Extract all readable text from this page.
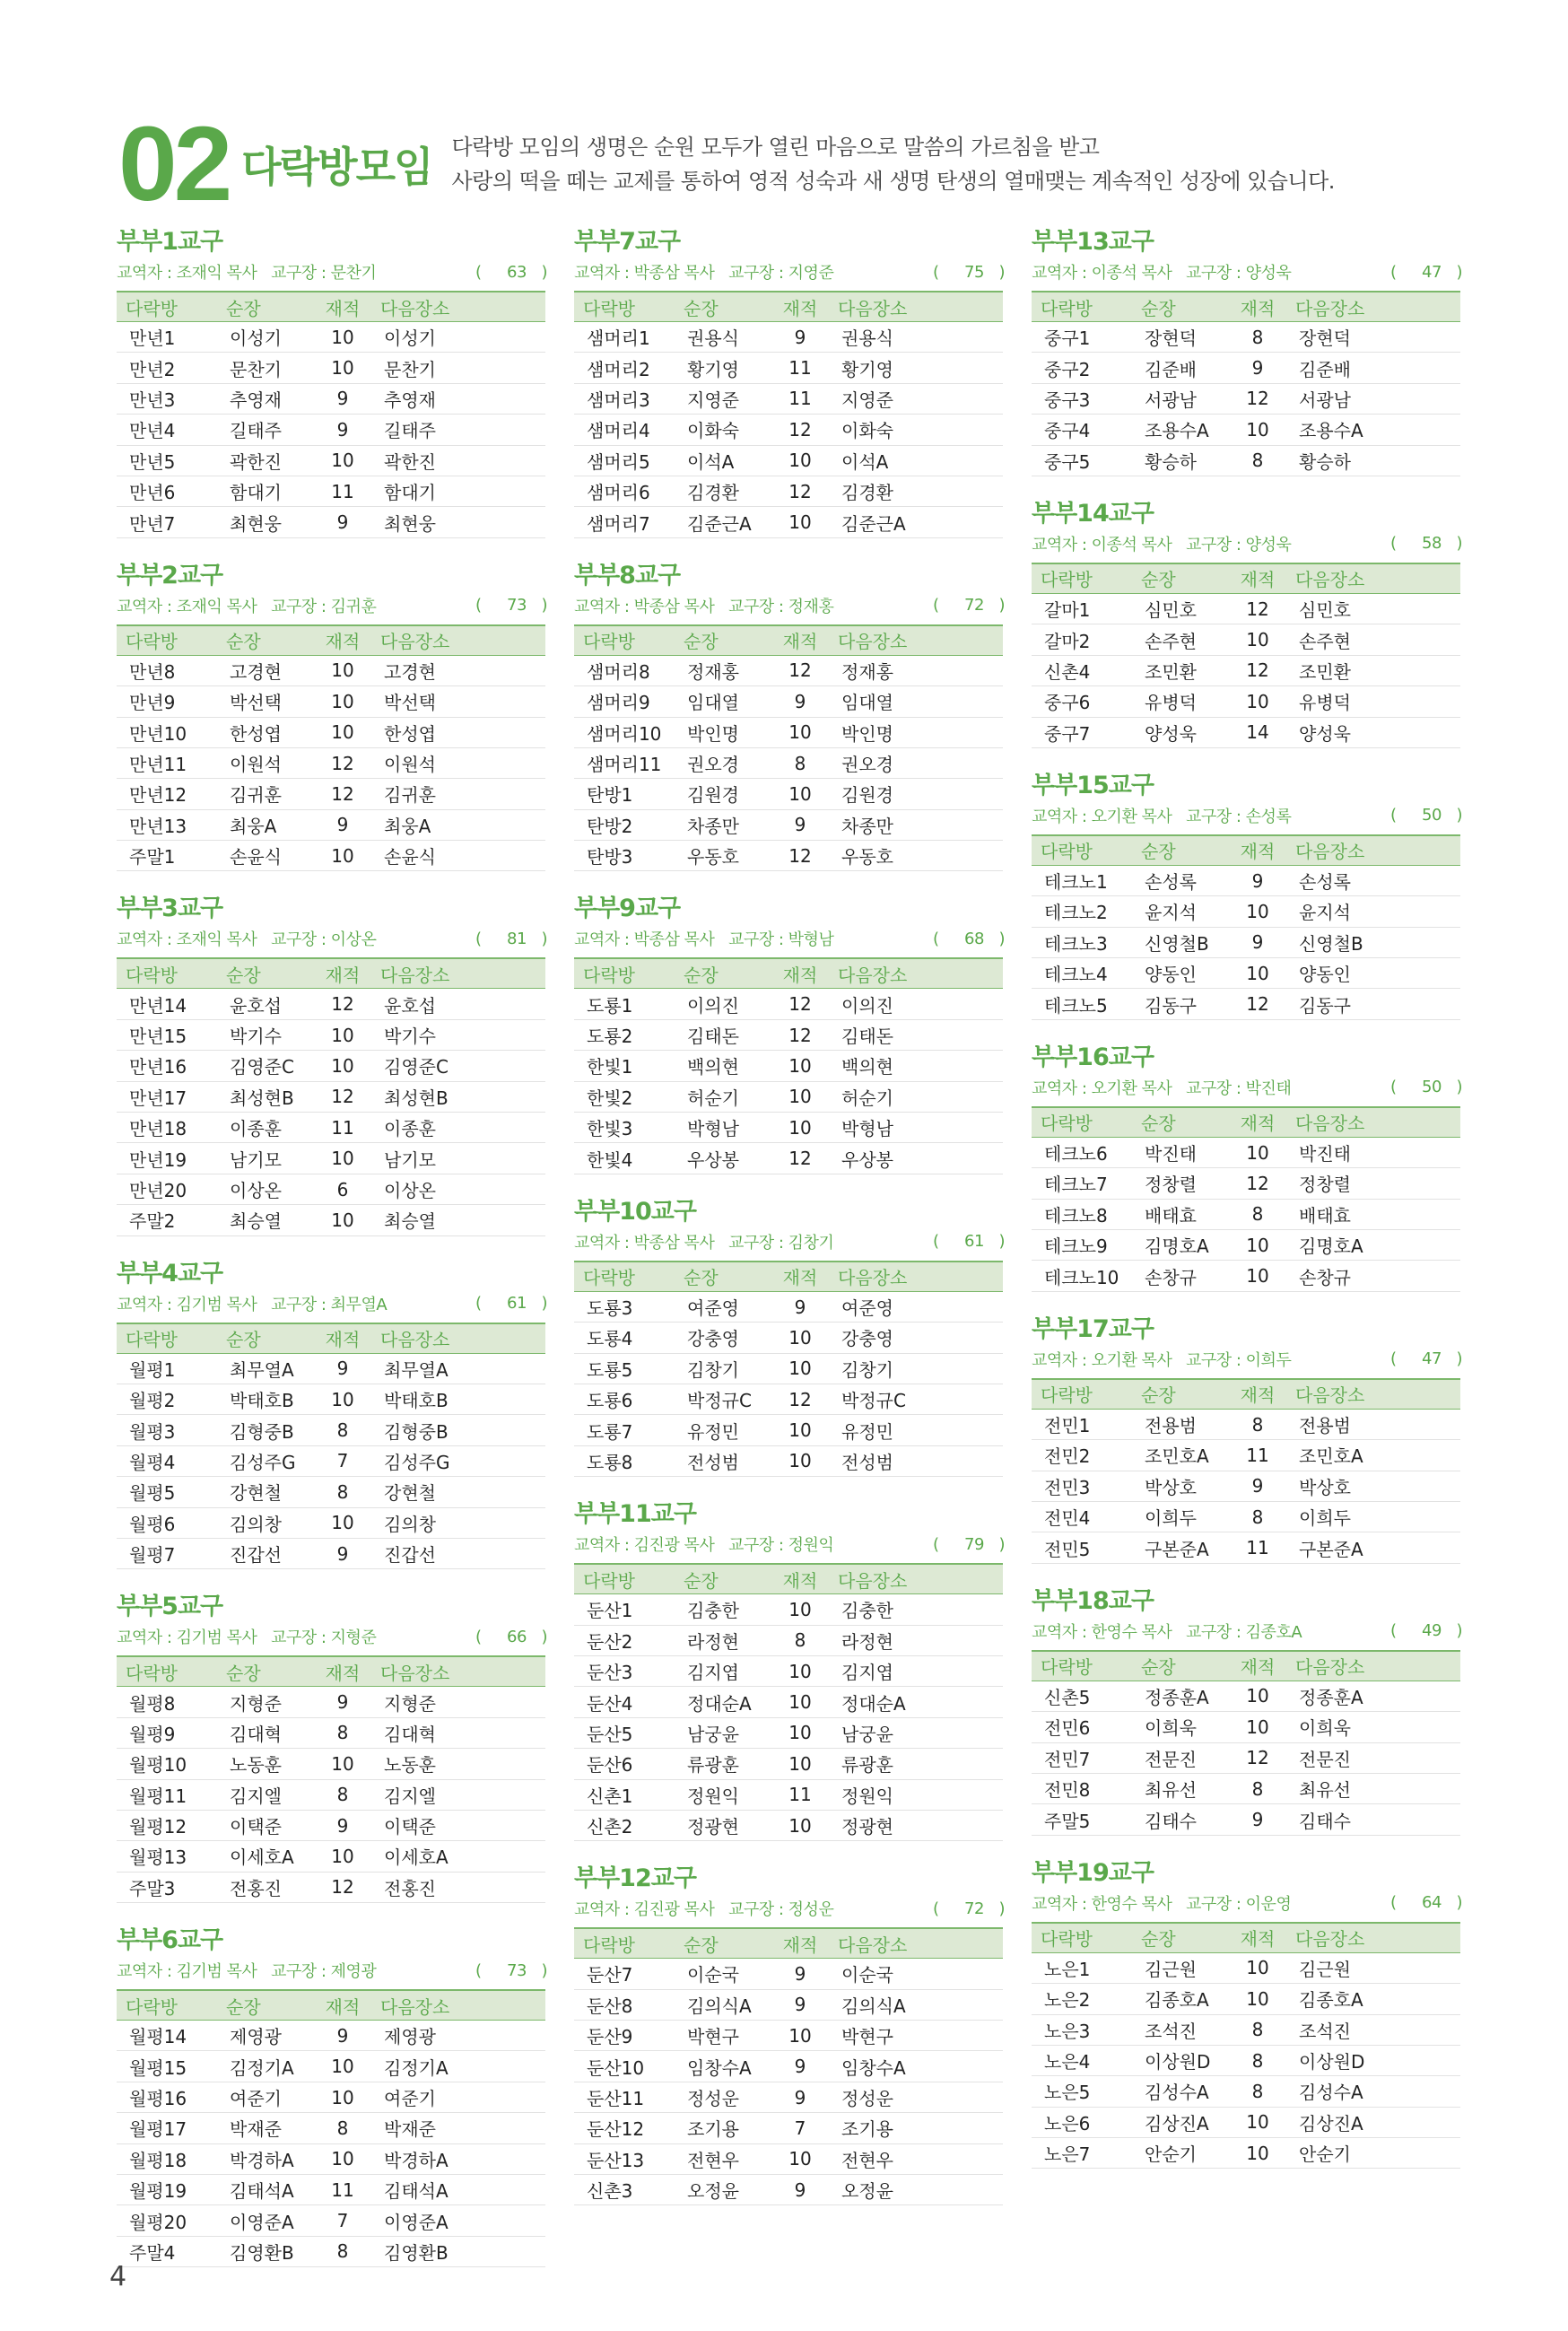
02 다락방모임 다락방 모임의 생명은 순원 모두가 열린 마음으로 말씀의 가르침을 받고
사랑의 떡을 떼는 교제를 통하여 영적 성숙과 새 생명 탄생의 열매맺는 계속적인 성장에 있습니다.
부부1교구
교역자 : 조재익 목사   교구장 : 문찬기	(	63 )
다락방	순장	재적	다음장소
만년1	이성기	10	이성기
만년2	문찬기	10	문찬기
만년3	추영재	9	추영재
만년4	길태주	9	길태주
만년5	곽한진	10	곽한진
만년6	함대기	11	함대기
만년7	최현웅	9	최현웅
부부2교구
교역자 : 조재익 목사   교구장 : 김귀훈	(	73 )
다락방	순장	재적	다음장소
만년8	고경현	10	고경현
만년9	박선택	10	박선택
만년10	한성엽	10	한성엽
만년11	이원석	12	이원석
만년12	김귀훈	12	김귀훈
만년13	최웅A	9	최웅A
주말1	손윤식	10	손윤식
부부3교구
교역자 : 조재익 목사   교구장 : 이상온	(	81 )
다락방	순장	재적	다음장소
만년14	윤호섭	12	윤호섭
만년15	박기수	10	박기수
만년16	김영준C	10	김영준C
만년17	최성현B	12	최성현B
만년18	이종훈	11	이종훈
만년19	남기모	10	남기모
만년20	이상온	6	이상온
주말2	최승열	10	최승열
부부4교구
교역자 : 김기범 목사   교구장 : 최무열A	(	61 )
다락방	순장	재적	다음장소
월평1	최무열A	9	최무열A
월평2	박태호B	10	박태호B
월평3	김형중B	8	김형중B
월평4	김성주G	7	김성주G
월평5	강현철	8	강현철
월평6	김의창	10	김의창
월평7	진갑선	9	진갑선
부부5교구
교역자 : 김기범 목사   교구장 : 지형준	(	66 )
다락방	순장	재적	다음장소
월평8	지형준	9	지형준
월평9	김대혁	8	김대혁
월평10	노동훈	10	노동훈
월평11	김지엘	8	김지엘
월평12	이택준	9	이택준
월평13	이세호A	10	이세호A
주말3	전홍진	12	전홍진
부부6교구
교역자 : 김기범 목사   교구장 : 제영광	(	73 )
다락방	순장	재적	다음장소
월평14	제영광	9	제영광
월평15	김정기A	10	김정기A
월평16	여준기	10	여준기
월평17	박재준	8	박재준
월평18	박경하A	10	박경하A
월평19	김태석A	11	김태석A
월평20	이영준A	7	이영준A
주말4	김영환B	8	김영환B
부부7교구
교역자 : 박종삼 목사   교구장 : 지영준	(	75 )
다락방	순장	재적	다음장소
샘머리1	권용식	9	권용식
샘머리2	황기영	11	황기영
샘머리3	지영준	11	지영준
샘머리4	이화숙	12	이화숙
샘머리5	이석A	10	이석A
샘머리6	김경환	12	김경환
샘머리7	김준근A	10	김준근A
부부8교구
교역자 : 박종삼 목사   교구장 : 정재홍	(	72 )
다락방	순장	재적	다음장소
샘머리8	정재홍	12	정재홍
샘머리9	임대열	9	임대열
샘머리10	박인명	10	박인명
샘머리11	권오경	8	권오경
탄방1	김원경	10	김원경
탄방2	차종만	9	차종만
탄방3	우동호	12	우동호
부부9교구
교역자 : 박종삼 목사   교구장 : 박형남	(	68 )
다락방	순장	재적	다음장소
도룡1	이의진	12	이의진
도룡2	김태돈	12	김태돈
한빛1	백의현	10	백의현
한빛2	허순기	10	허순기
한빛3	박형남	10	박형남
한빛4	우상봉	12	우상봉
부부10교구
교역자 : 박종삼 목사   교구장 : 김창기	(	61 )
다락방	순장	재적	다음장소
도룡3	여준영	9	여준영
도룡4	강충영	10	강충영
도룡5	김창기	10	김창기
도룡6	박정규C	12	박정규C
도룡7	유정민	10	유정민
도룡8	전성범	10	전성범
부부11교구
교역자 : 김진광 목사   교구장 : 정원익	(	79 )
다락방	순장	재적	다음장소
둔산1	김충한	10	김충한
둔산2	라정현	8	라정현
둔산3	김지엽	10	김지엽
둔산4	정대순A	10	정대순A
둔산5	남궁윤	10	남궁윤
둔산6	류광훈	10	류광훈
신촌1	정원익	11	정원익
신촌2	정광현	10	정광현
부부12교구
교역자 : 김진광 목사   교구장 : 정성운	(	72 )
다락방	순장	재적	다음장소
둔산7	이순국	9	이순국
둔산8	김의식A	9	김의식A
둔산9	박현구	10	박현구
둔산10	임창수A	9	임창수A
둔산11	정성운	9	정성운
둔산12	조기용	7	조기용
둔산13	전현우	10	전현우
신촌3	오정윤	9	오정윤
부부13교구
교역자 : 이종석 목사   교구장 : 양성욱	(	47 )
다락방	순장	재적	다음장소
중구1	장현덕	8	장현덕
중구2	김준배	9	김준배
중구3	서광남	12	서광남
중구4	조용수A	10	조용수A
중구5	황승하	8	황승하
부부14교구
교역자 : 이종석 목사   교구장 : 양성욱	(	58 )
다락방	순장	재적	다음장소
갈마1	심민호	12	심민호
갈마2	손주현	10	손주현
신촌4	조민환	12	조민환
중구6	유병덕	10	유병덕
중구7	양성욱	14	양성욱
부부15교구
교역자 : 오기환 목사   교구장 : 손성록	(	50 )
다락방	순장	재적	다음장소
테크노1	손성록	9	손성록
테크노2	윤지석	10	윤지석
테크노3	신영철B	9	신영철B
테크노4	양동인	10	양동인
테크노5	김동구	12	김동구
부부16교구
교역자 : 오기환 목사   교구장 : 박진태	(	50 )
다락방	순장	재적	다음장소
테크노6	박진태	10	박진태
테크노7	정창렬	12	정창렬
테크노8	배태효	8	배태효
테크노9	김명호A	10	김명호A
테크노10	손창규	10	손창규
부부17교구
교역자 : 오기환 목사   교구장 : 이희두	(	47 )
다락방	순장	재적	다음장소
전민1	전용범	8	전용범
전민2	조민호A	11	조민호A
전민3	박상호	9	박상호
전민4	이희두	8	이희두
전민5	구본준A	11	구본준A
부부18교구
교역자 : 한영수 목사   교구장 : 김종호A	(	49 )
다락방	순장	재적	다음장소
신촌5	정종훈A	10	정종훈A
전민6	이희욱	10	이희욱
전민7	전문진	12	전문진
전민8	최유선	8	최유선
주말5	김태수	9	김태수
부부19교구
교역자 : 한영수 목사   교구장 : 이운영	(	64 )
다락방	순장	재적	다음장소
노은1	김근원	10	김근원
노은2	김종호A	10	김종호A
노은3	조석진	8	조석진
노은4	이상원D	8	이상원D
노은5	김성수A	8	김성수A
노은6	김상진A	10	김상진A
노은7	안순기	10	안순기
4
